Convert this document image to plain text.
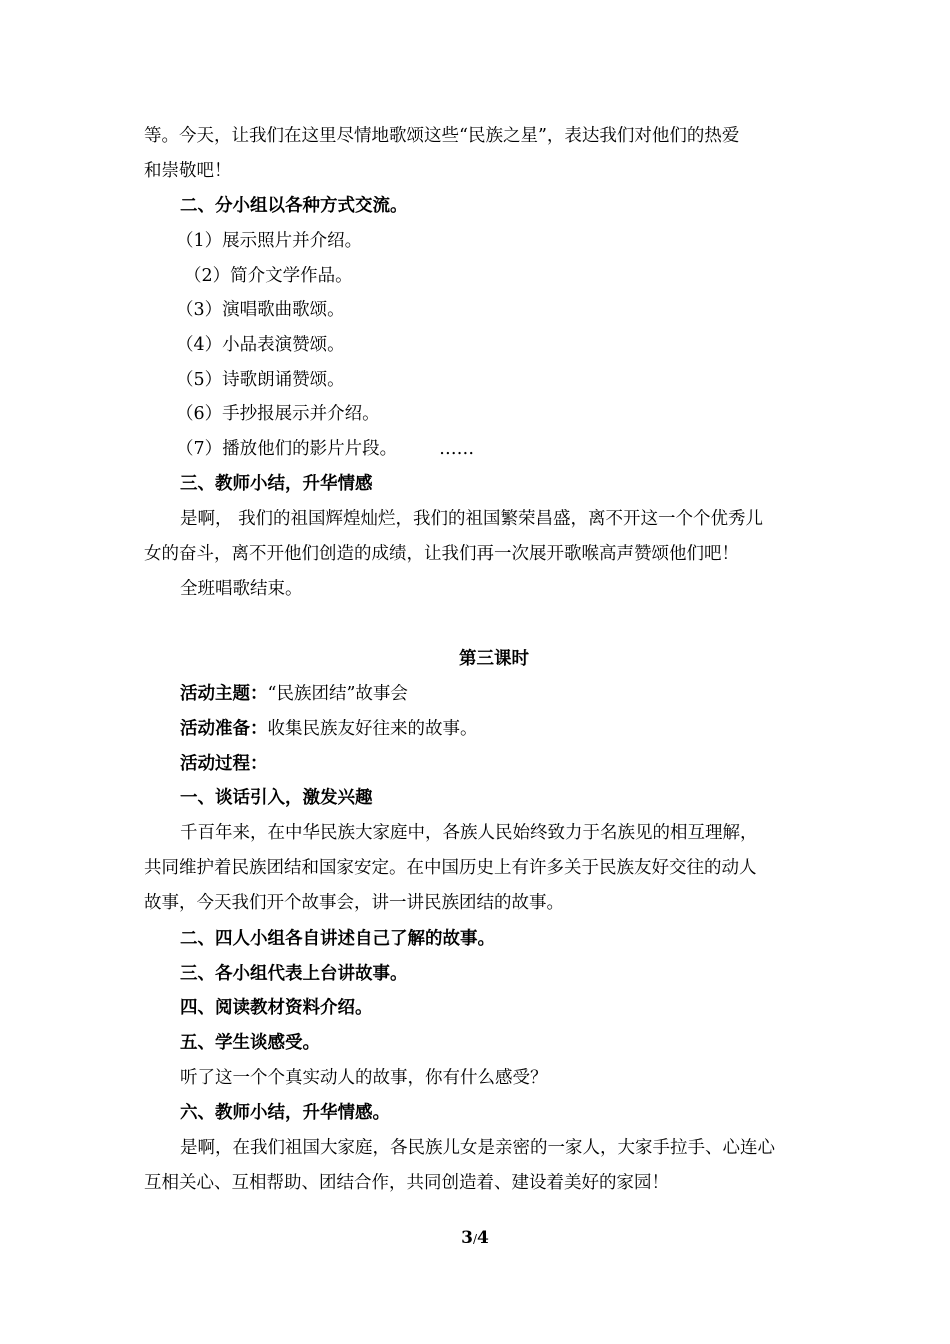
等。今天，让我们在这里尽情地歌颂这些“民族之星”，表达我们对他们的热爱
和崇敬吧！
二、分小组以各种方式交流。
（1）展示照片并介绍。
（2）简介文学作品。
（3）演唱歌曲歌颂。
（4）小品表演赞颂。
（5）诗歌朗诵赞颂。
（6）手抄报展示并介绍。
（7）播放他们的影片片段。 ……
三、教师小结，升华情感
是啊， 我们的祖国辉煌灿烂，我们的祖国繁荣昌盛，离不开这一个个优秀儿
女的奋斗，离不开他们创造的成绩，让我们再一次展开歌喉高声赞颂他们吧！
全班唱歌结束。
第三课时
活动主题：“民族团结”故事会
活动准备：收集民族友好往来的故事。
活动过程：
一、谈话引入，激发兴趣
千百年来，在中华民族大家庭中，各族人民始终致力于名族见的相互理解，
共同维护着民族团结和国家安定。在中国历史上有许多关于民族友好交往的动人
故事，今天我们开个故事会，讲一讲民族团结的故事。
二、四人小组各自讲述自己了解的故事。
三、各小组代表上台讲故事。
四、阅读教材资料介绍。
五、学生谈感受。
听了这一个个真实动人的故事，你有什么感受？
六、教师小结，升华情感。
是啊，在我们祖国大家庭，各民族儿女是亲密的一家人，大家手拉手、心连心
互相关心、互相帮助、团结合作，共同创造着、建设着美好的家园！
3/4
